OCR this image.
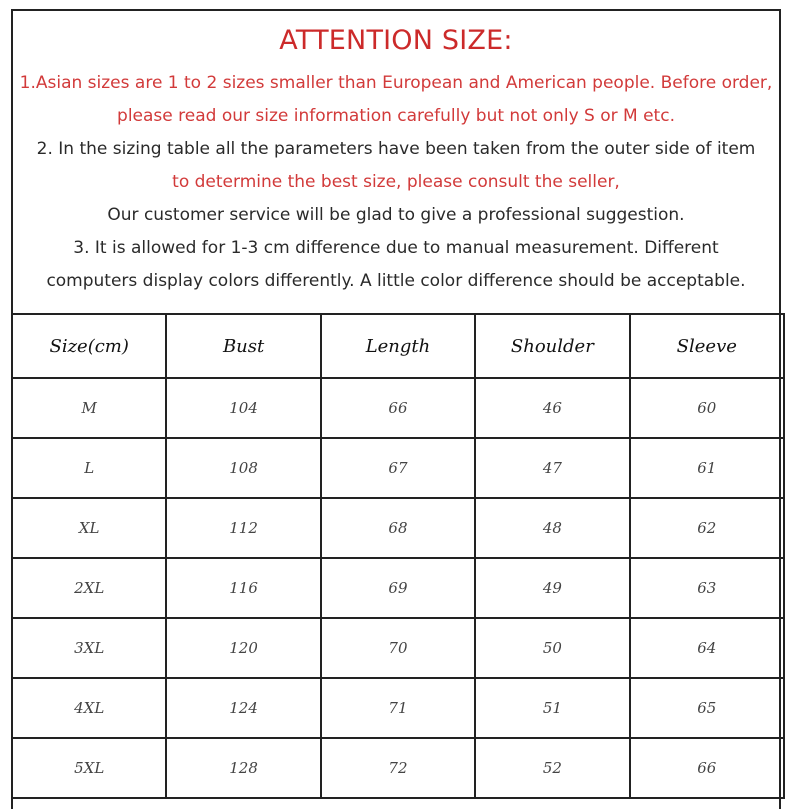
ATTENTION SIZE:
1.Asian sizes are 1 to 2 sizes smaller than European and American people. Before order,
please read our size information carefully but not only S or M etc.
2. In the sizing table all the parameters have been taken from the outer side of item
to determine the best size, please consult the seller,
Our customer service will be glad to give a professional suggestion.
3. It is allowed for 1-3 cm difference due to manual measurement. Different
computers display colors differently. A little color difference should be acceptable.
Size(cm)	Bust	Length	Shoulder	Sleeve
M	104	66	46	60
L	108	67	47	61
XL	112	68	48	62
2XL	116	69	49	63
3XL	120	70	50	64
4XL	124	71	51	65
5XL	128	72	52	66
